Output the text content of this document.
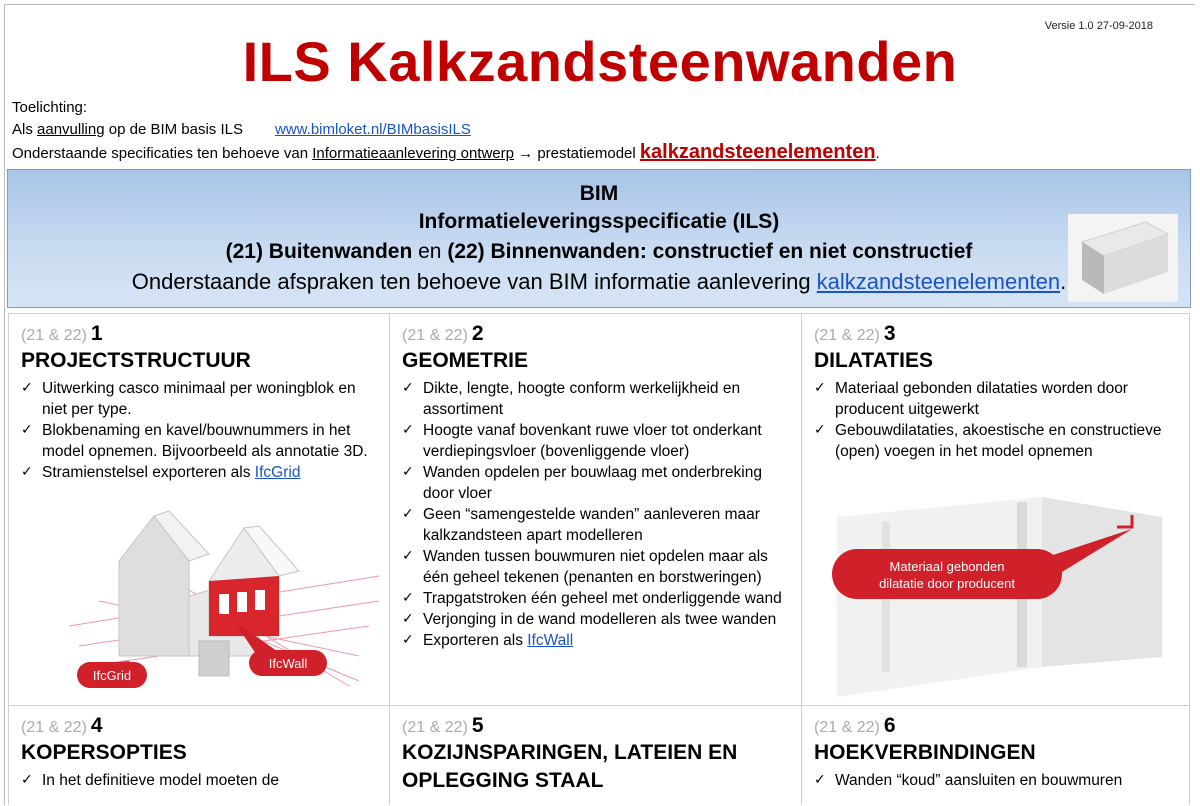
Versie 1.0 27-09-2018
ILS Kalkzandsteenwanden
Toelichting:
Als aanvulling op de BIM basis ILS www.bimloket.nl/BIMbasisILS
Onderstaande specificaties ten behoeve van Informatieaanlevering ontwerp → prestatiemodel kalkzandsteenelementen.
BIM
Informatieleveringsspecificatie (ILS)
(21) Buitenwanden en (22) Binnenwanden: constructief en niet constructief
Onderstaande afspraken ten behoeve van BIM informatie aanlevering kalkzandsteenelementen.
(21 & 22) 1
PROJECTSTRUCTUUR
✓ Uitwerking casco minimaal per woningblok en niet per type.
✓ Blokbenaming en kavel/bouwnummers in het model opnemen. Bijvoorbeeld als annotatie 3D.
✓ Stramienstelsel exporteren als IfcGrid
IfcGrid
IfcWall
(21 & 22) 2
GEOMETRIE
✓ Dikte, lengte, hoogte conform werkelijkheid en assortiment
✓ Hoogte vanaf bovenkant ruwe vloer tot onderkant verdiepingsvloer (bovenliggende vloer)
✓ Wanden opdelen per bouwlaag met onderbreking door vloer
✓ Geen “samengestelde wanden” aanleveren maar kalkzandsteen apart modelleren
✓ Wanden tussen bouwmuren niet opdelen maar als één geheel tekenen (penanten en borstweringen)
✓ Trapgatstroken één geheel met onderliggende wand
✓ Verjonging in de wand modelleren als twee wanden
✓ Exporteren als IfcWall
(21 & 22) 3
DILATATIES
✓ Materiaal gebonden dilataties worden door producent uitgewerkt
✓ Gebouwdilataties, akoestische en constructieve (open) voegen in het model opnemen
Materiaal gebonden
dilatatie door producent
(21 & 22) 4
KOPERSOPTIES
✓ In het definitieve model moeten de
(21 & 22) 5
KOZIJNSPARINGEN, LATEIEN EN
OPLEGGING STAAL
(21 & 22) 6
HOEKVERBINDINGEN
✓ Wanden “koud” aansluiten en bouwmuren
